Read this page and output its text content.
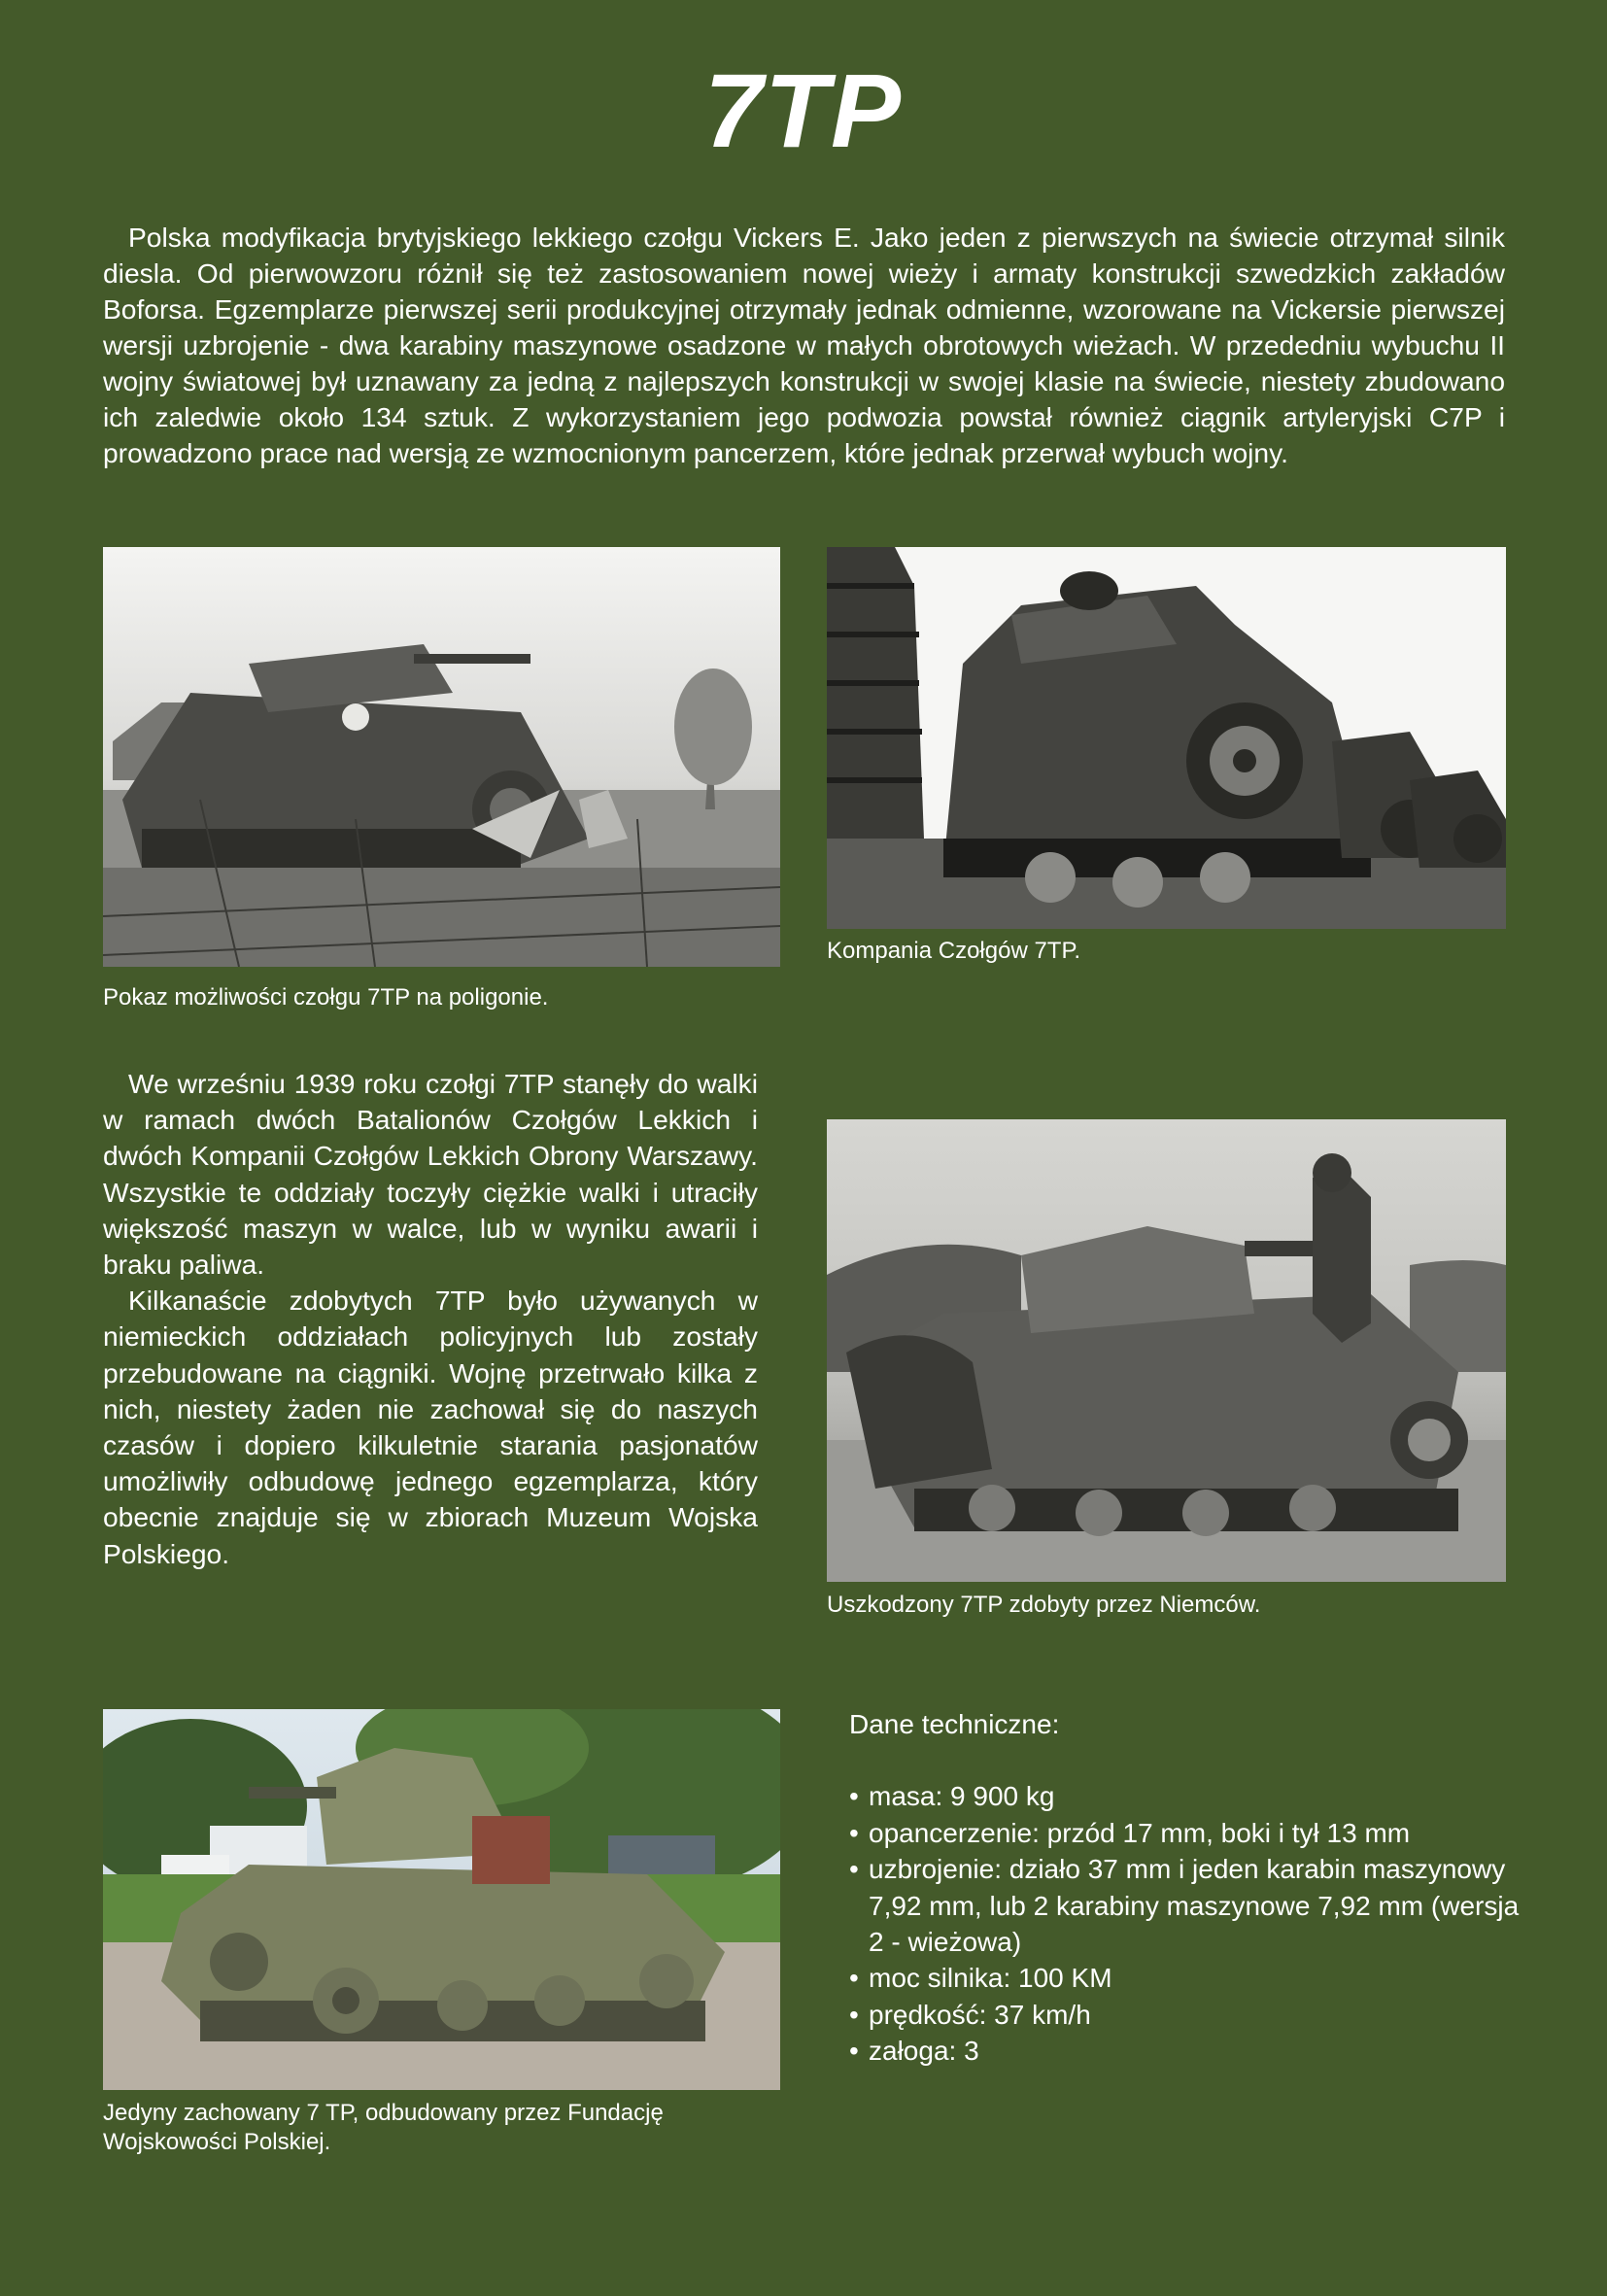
7TP

Polska modyfikacja brytyjskiego lekkiego czołgu Vickers E. Jako jeden z pierwszych na świecie otrzymał silnik diesla. Od pierwowzoru różnił się też zastosowaniem nowej wieży i armaty konstrukcji szwedzkich zakładów Boforsa. Egzemplarze pierwszej serii produkcyjnej otrzymały jednak odmienne, wzorowane na Vickersie pierwszej wersji uzbrojenie - dwa karabiny maszynowe osadzone w małych obrotowych wieżach. W przededniu wybuchu II wojny światowej był uznawany za jedną z najlepszych konstrukcji w swojej klasie na świecie, niestety zbudowano ich zaledwie około 134 sztuk. Z wykorzystaniem jego podwozia powstał również ciągnik artyleryjski C7P i prowadzono prace nad wersją ze wzmocnionym pancerzem, które jednak przerwał wybuch wojny.

Pokaz możliwości czołgu 7TP na poligonie.

Kompania Czołgów 7TP.

We wrześniu 1939 roku czołgi 7TP stanęły do walki w ramach dwóch Batalionów Czołgów Lekkich i dwóch Kompanii Czołgów Lekkich Obrony Warszawy. Wszystkie te oddziały toczyły ciężkie walki i utraciły większość maszyn w walce, lub w wyniku awarii i braku paliwa.

Kilkanaście zdobytych 7TP było używanych w niemieckich oddziałach policyjnych lub zostały przebudowane na ciągniki. Wojnę przetrwało kilka z nich, niestety żaden nie zachował się do naszych czasów i dopiero kilkuletnie starania pasjonatów umożliwiły odbudowę jednego egzemplarza, który obecnie znajduje się w zbiorach Muzeum Wojska Polskiego.

Uszkodzony 7TP zdobyty przez Niemców.

Jedyny zachowany 7 TP, odbudowany przez Fundację Wojskowości Polskiej.

Dane techniczne:

• masa: 9 900 kg
• opancerzenie: przód 17 mm, boki i tył 13 mm
• uzbrojenie: działo 37 mm i jeden karabin maszynowy 7,92 mm, lub 2 karabiny maszynowe 7,92 mm (wersja 2 - wieżowa)
• moc silnika: 100 KM
• prędkość: 37 km/h
• załoga: 3
